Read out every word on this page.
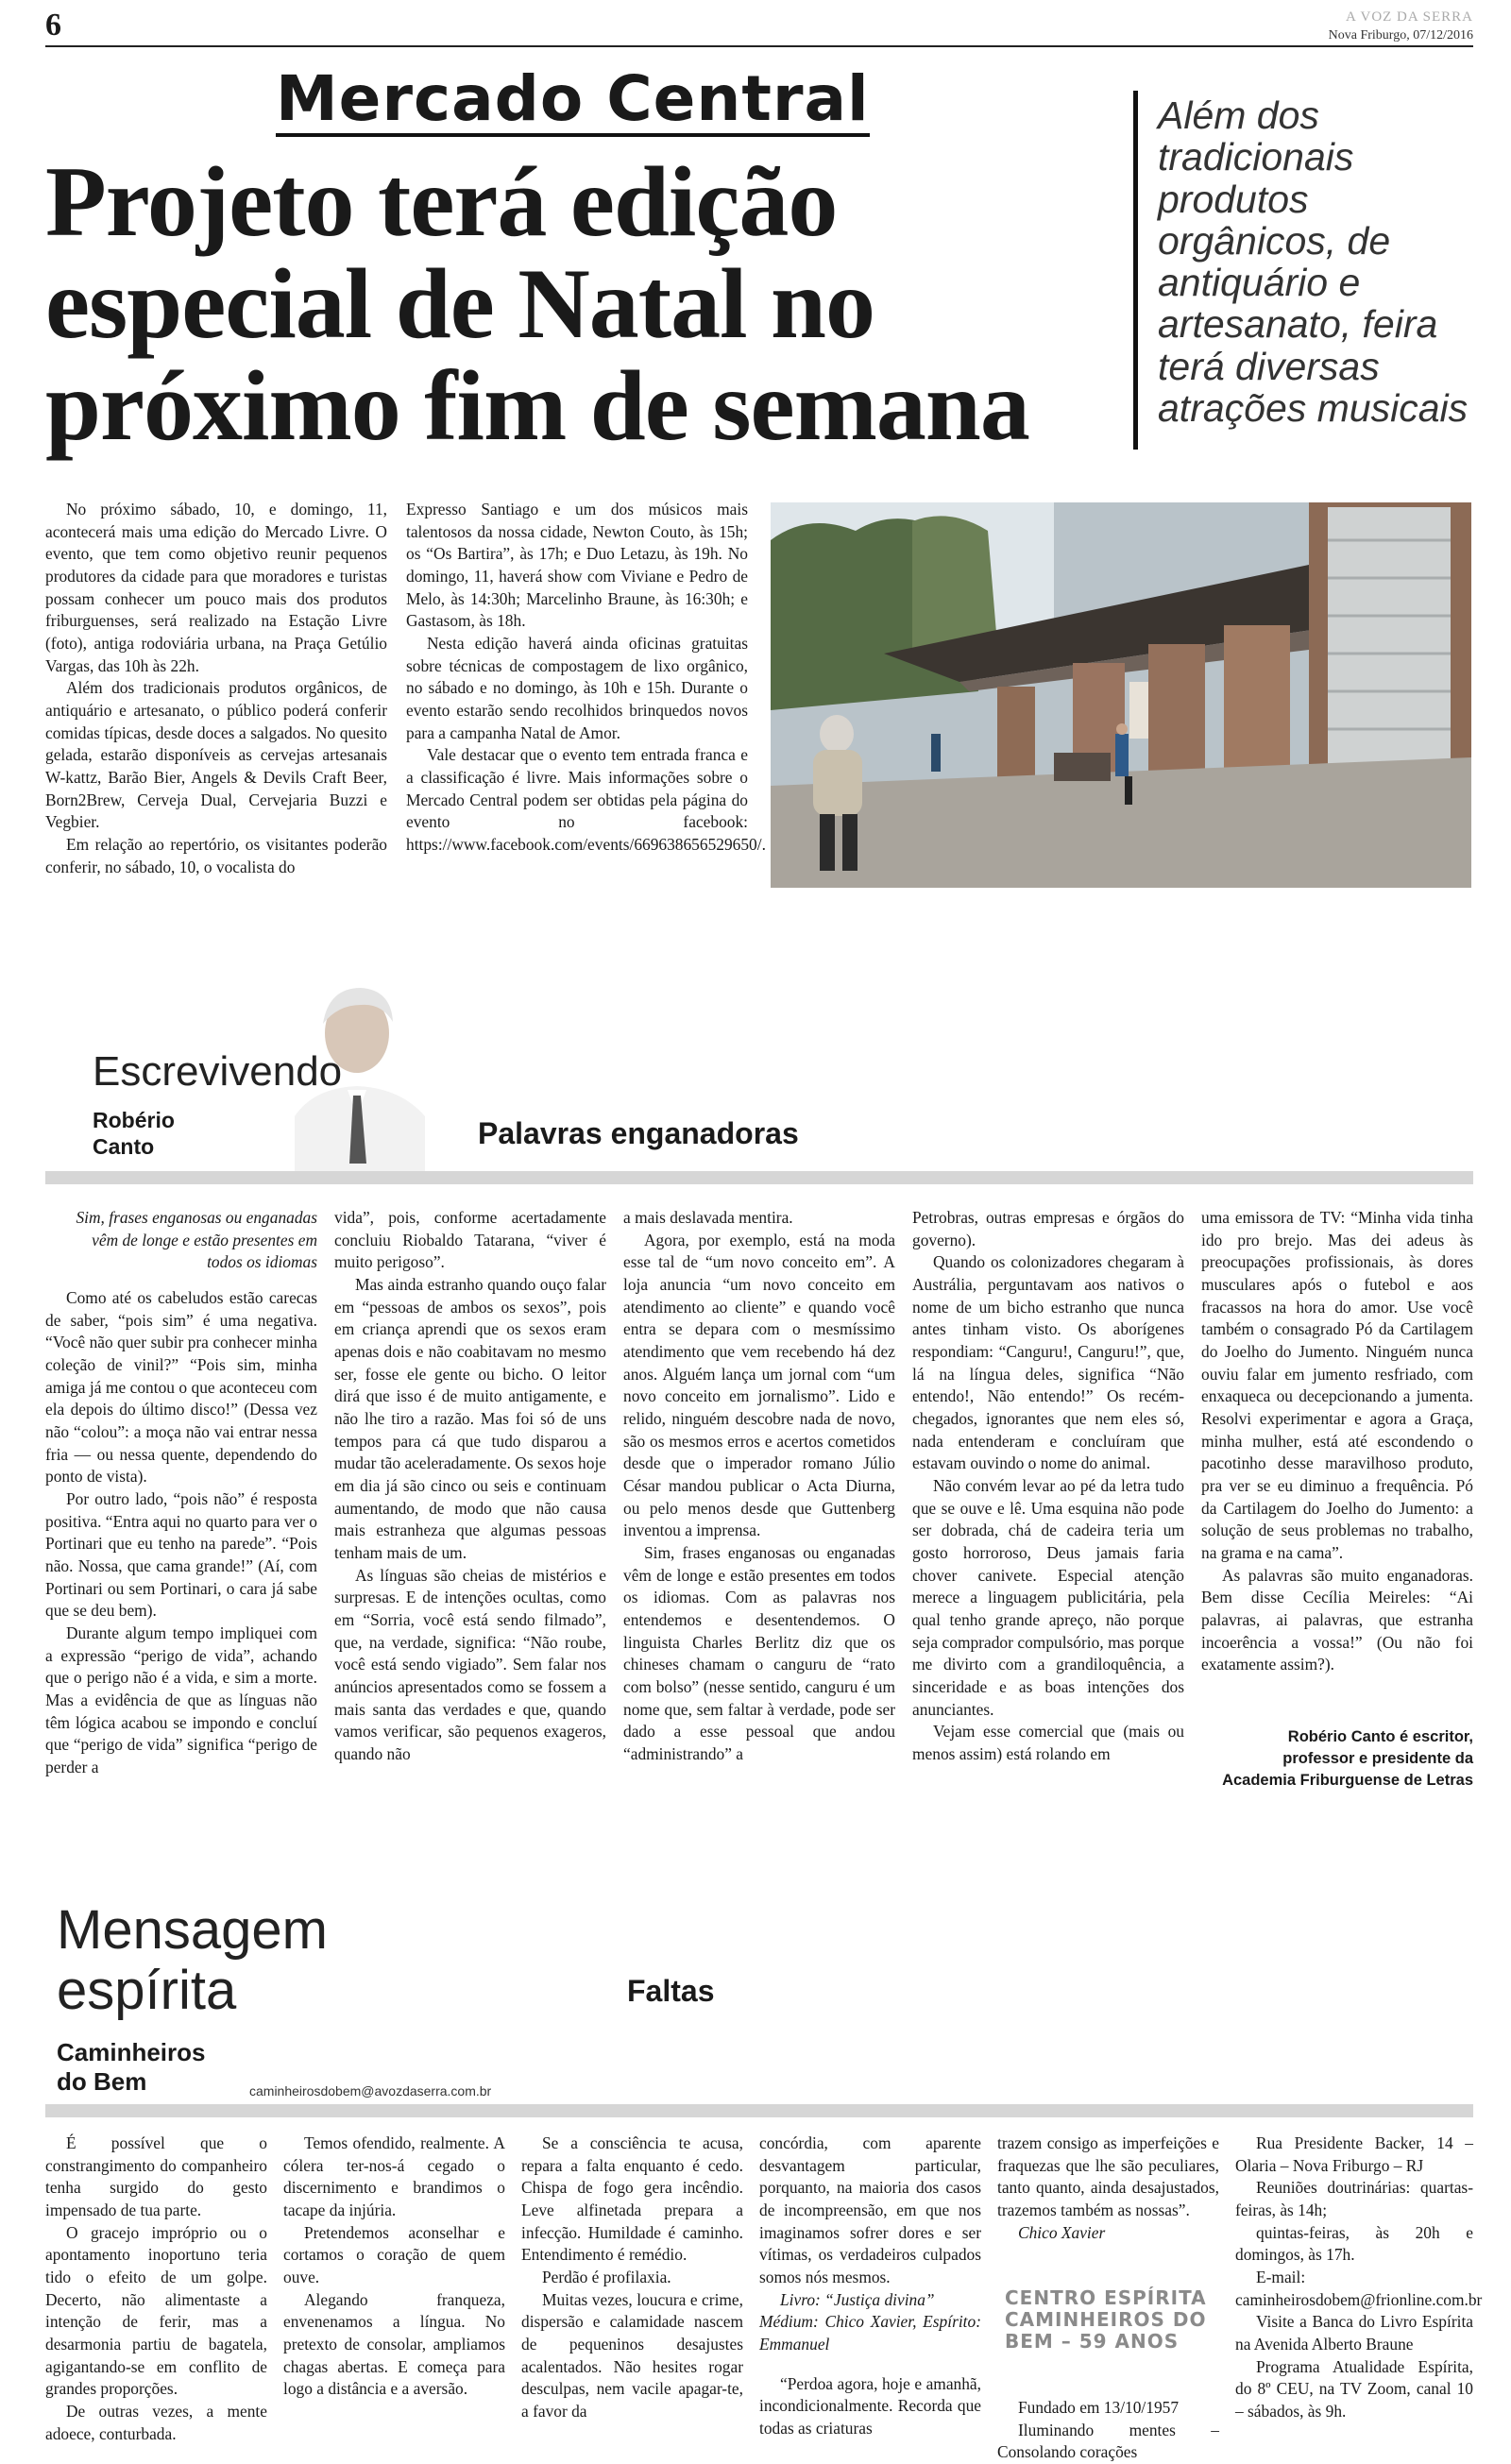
6	A VOZ DA SERRA
Nova Friburgo, 07/12/2016
Mercado Central
Projeto terá edição especial de Natal no próximo fim de semana
Além dos tradicionais produtos orgânicos, de antiquário e artesanato, feira terá diversas atrações musicais

No próximo sábado, 10, e domingo, 11, acontecerá mais uma edição do Mercado Livre. O evento, que tem como objetivo reunir pequenos produtores da cidade para que moradores e turistas possam conhecer um pouco mais dos produtos friburguenses, será realizado na Estação Livre (foto), antiga rodoviária urbana, na Praça Getúlio Vargas, das 10h às 22h.

Além dos tradicionais produtos orgânicos, de antiquário e artesanato, o público poderá conferir comidas típicas, desde doces a salgados. No quesito gelada, estarão disponíveis as cervejas artesanais W-kattz, Barão Bier, Angels & Devils Craft Beer, Born2Brew, Cerveja Dual, Cervejaria Buzzi e Vegbier.

Em relação ao repertório, os visitantes poderão conferir, no sábado, 10, o vocalista do

Expresso Santiago e um dos músicos mais talentosos da nossa cidade, Newton Couto, às 15h; os “Os Bartira”, às 17h; e Duo Letazu, às 19h. No domingo, 11, haverá show com Viviane e Pedro de Melo, às 14:30h; Marcelinho Braune, às 16:30h; e Gastasom, às 18h.

Nesta edição haverá ainda oficinas gratuitas sobre técnicas de compostagem de lixo orgânico, no sábado e no domingo, às 10h e 15h. Durante o evento estarão sendo recolhidos brinquedos novos para a campanha Natal de Amor.

Vale destacar que o evento tem entrada franca e a classificação é livre. Mais informações sobre o Mercado Central podem ser obtidas pela página do evento no facebook: https://www.facebook.com/events/669638656529650/.

Escrevivendo
Robério
Canto	Palavras enganadoras

Sim, frases enganosas ou enganadas vêm de longe e estão presentes em todos os idiomas

Como até os cabeludos estão carecas de saber, “pois sim” é uma negativa. “Você não quer subir pra conhecer minha coleção de vinil?” “Pois sim, minha amiga já me contou o que aconteceu com ela depois do último disco!” (Dessa vez não “colou”: a moça não vai entrar nessa fria — ou nessa quente, dependendo do ponto de vista).

Por outro lado, “pois não” é resposta positiva. “Entra aqui no quarto para ver o Portinari que eu tenho na parede”. “Pois não. Nossa, que cama grande!” (Aí, com Portinari ou sem Portinari, o cara já sabe que se deu bem).

Durante algum tempo impliquei com a expressão “perigo de vida”, achando que o perigo não é a vida, e sim a morte. Mas a evidência de que as línguas não têm lógica acabou se impondo e concluí que “perigo de vida” significa “perigo de perder a

vida”, pois, conforme acertadamente concluiu Riobaldo Tatarana, “viver é muito perigoso”.

Mas ainda estranho quando ouço falar em “pessoas de ambos os sexos”, pois em criança aprendi que os sexos eram apenas dois e não coabitavam no mesmo ser, fosse ele gente ou bicho. O leitor dirá que isso é de muito antigamente, e não lhe tiro a razão. Mas foi só de uns tempos para cá que tudo disparou a mudar tão aceleradamente. Os sexos hoje em dia já são cinco ou seis e continuam aumentando, de modo que não causa mais estranheza que algumas pessoas tenham mais de um.

As línguas são cheias de mistérios e surpresas. E de intenções ocultas, como em “Sorria, você está sendo filmado”, que, na verdade, significa: “Não roube, você está sendo vigiado”. Sem falar nos anúncios apresentados como se fossem a mais santa das verdades e que, quando vamos verificar, são pequenos exageros, quando não

a mais deslavada mentira.

Agora, por exemplo, está na moda esse tal de “um novo conceito em”. A loja anuncia “um novo conceito em atendimento ao cliente” e quando você entra se depara com o mesmíssimo atendimento que vem recebendo há dez anos. Alguém lança um jornal com “um novo conceito em jornalismo”. Lido e relido, ninguém descobre nada de novo, são os mesmos erros e acertos cometidos desde que o imperador romano Júlio César mandou publicar o Acta Diurna, ou pelo menos desde que Guttenberg inventou a imprensa.

Sim, frases enganosas ou enganadas vêm de longe e estão presentes em todos os idiomas. Com as palavras nos entendemos e desentendemos. O linguista Charles Berlitz diz que os chineses chamam o canguru de “rato com bolso” (nesse sentido, canguru é um nome que, sem faltar à verdade, pode ser dado a esse pessoal que andou “administrando” a

Petrobras, outras empresas e órgãos do governo).

Quando os colonizadores chegaram à Austrália, perguntavam aos nativos o nome de um bicho estranho que nunca antes tinham visto. Os aborígenes respondiam: “Canguru!, Canguru!”, que, lá na língua deles, significa “Não entendo!, Não entendo!” Os recém-chegados, ignorantes que nem eles só, nada entenderam e concluíram que estavam ouvindo o nome do animal.

Não convém levar ao pé da letra tudo que se ouve e lê. Uma esquina não pode ser dobrada, chá de cadeira teria um gosto horroroso, Deus jamais faria chover canivete. Especial atenção merece a linguagem publicitária, pela qual tenho grande apreço, não porque seja comprador compulsório, mas porque me divirto com a grandiloquência, a sinceridade e as boas intenções dos anunciantes.

Vejam esse comercial que (mais ou menos assim) está rolando em

uma emissora de TV: “Minha vida tinha ido pro brejo. Mas dei adeus às preocupações profissionais, às dores musculares após o futebol e aos fracassos na hora do amor. Use você também o consagrado Pó da Cartilagem do Joelho do Jumento. Ninguém nunca ouviu falar em jumento resfriado, com enxaqueca ou decepcionando a jumenta. Resolvi experimentar e agora a Graça, minha mulher, está até escondendo o pacotinho desse maravilhoso produto, pra ver se eu diminuo a frequência. Pó da Cartilagem do Joelho do Jumento: a solução de seus problemas no trabalho, na grama e na cama”.

As palavras são muito enganadoras. Bem disse Cecília Meireles: “Ai palavras, ai palavras, que estranha incoerência a vossa!” (Ou não foi exatamente assim?).

Robério Canto é escritor,
professor e presidente da
Academia Friburguense de Letras
Mensagem espírita
Caminheiros
do Bem	caminheirosdobem@avozdaserra.com.br
Faltas

É possível que o constrangimento do companheiro tenha surgido do gesto impensado de tua parte.

O gracejo impróprio ou o apontamento inoportuno teria tido o efeito de um golpe. Decerto, não alimentaste a intenção de ferir, mas a desarmonia partiu de bagatela, agigantando-se em conflito de grandes proporções.

De outras vezes, a mente adoece, conturbada.

Temos ofendido, realmente. A cólera ter-nos-á cegado o discernimento e brandimos o tacape da injúria.

Pretendemos aconselhar e cortamos o coração de quem ouve.

Alegando franqueza, envenenamos a língua. No pretexto de consolar, ampliamos chagas abertas. E começa para logo a distância e a aversão.

Se a consciência te acusa, repara a falta enquanto é cedo. Chispa de fogo gera incêndio. Leve alfinetada prepara a infecção. Humildade é caminho. Entendimento é remédio.

Perdão é profilaxia.

Muitas vezes, loucura e crime, dispersão e calamidade nascem de pequeninos desajustes acalentados. Não hesites rogar desculpas, nem vacile apagar-te, a favor da

concórdia, com aparente desvantagem particular, porquanto, na maioria dos casos de incompreensão, em que nos imaginamos sofrer dores e ser vítimas, os verdadeiros culpados somos nós mesmos.

Livro: “Justiça divina”

Médium: Chico Xavier, Espírito: Emmanuel

“Perdoa agora, hoje e amanhã, incondicionalmente. Recorda que todas as criaturas

trazem consigo as imperfeições e fraquezas que lhe são peculiares, tanto quanto, ainda desajustados, trazemos também as nossas”.

Chico Xavier

CENTRO ESPÍRITA CAMINHEIROS DO BEM – 59 ANOS

Fundado em 13/10/1957

Iluminando mentes – Consolando corações

Rua Presidente Backer, 14 – Olaria – Nova Friburgo – RJ

Reuniões doutrinárias: quartas-feiras, às 14h;

quintas-feiras, às 20h e domingos, às 17h.

E-mail: caminheirosdobem@frionline.com.br

Visite a Banca do Livro Espírita na Avenida Alberto Braune

Programa Atualidade Espírita, do 8º CEU, na TV Zoom, canal 10 – sábados, às 9h.
